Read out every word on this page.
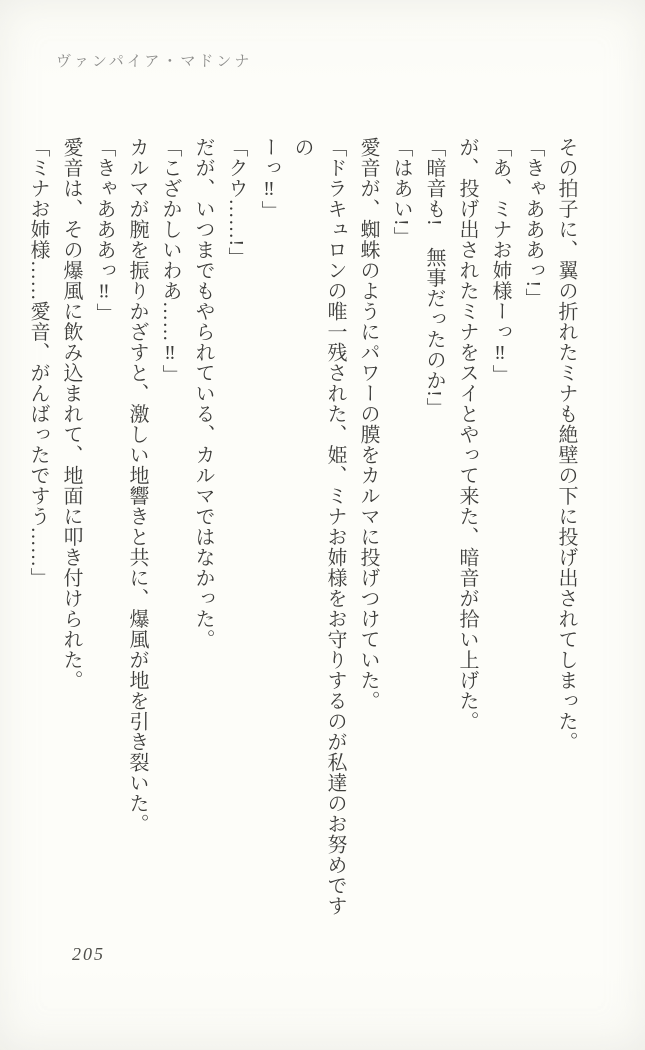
ヴァンパイア・マドンナ

その拍子に、翼の折れたミナも絶壁の下に投げ出されてしまった。

「きゃあああっ!」

「あ、ミナお姉様ーっ‼」

が、投げ出されたミナをスイとやって来た、暗音が拾い上げた。

「暗音も!　無事だったのか!」

「はあい!」

愛音が、蜘蛛のようにパワーの膜をカルマに投げつけていた。

「ドラキュロンの唯一残された、姫、ミナお姉様をお守りするのが私達のお努めですの

ーっ‼」

「クウ……!」

だが、いつまでもやられている、カルマではなかった。

「こざかしいわあ……‼」

カルマが腕を振りかざすと、激しい地響きと共に、爆風が地を引き裂いた。

「きゃあああっ‼」

愛音は、その爆風に飲み込まれて、地面に叩き付けられた。

「ミナお姉様……愛音、がんばったですう……」

205
